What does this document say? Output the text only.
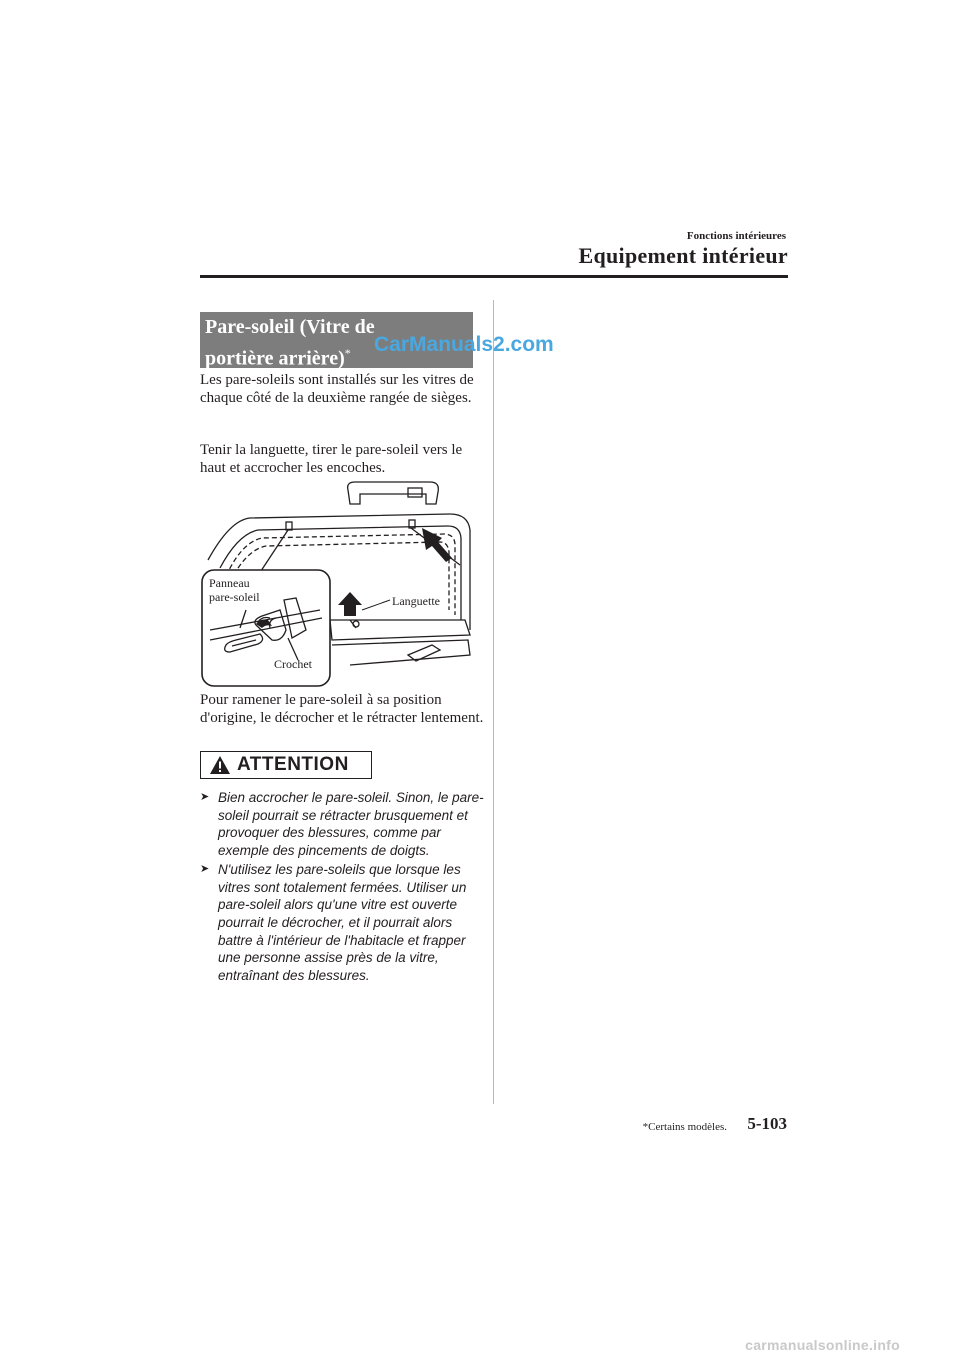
Fonctions intérieures
Equipement intérieur
Pare-soleil (Vitre de
portière arrière)*	CarManuals2.com
Les pare-soleils sont installés sur les vitres de chaque côté de la deuxième rangée de sièges.
Tenir la languette, tirer le pare-soleil vers le haut et accrocher les encoches.
Panneau
pare-soleil
Crochet
Languette
Pour ramener le pare-soleil à sa position d'origine, le décrocher et le rétracter lentement.
ATTENTION
➤ Bien accrocher le pare-soleil. Sinon, le pare-soleil pourrait se rétracter brusquement et provoquer des blessures, comme par exemple des pincements de doigts.
➤ N'utilisez les pare-soleils que lorsque les vitres sont totalement fermées. Utiliser un pare-soleil alors qu'une vitre est ouverte pourrait le décrocher, et il pourrait alors battre à l'intérieur de l'habitacle et frapper une personne assise près de la vitre, entraînant des blessures.
*Certains modèles. 5-103
carmanualsonline.info
